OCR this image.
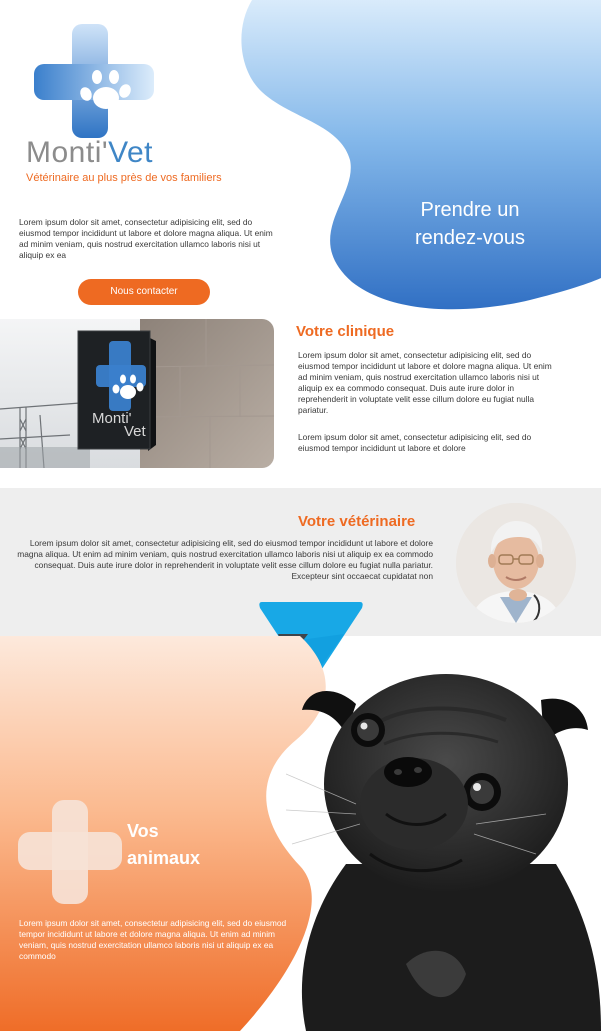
Monti'Vet
Vétérinaire au plus près de vos familiers
Lorem ipsum dolor sit amet, consectetur adipisicing elit, sed do eiusmod tempor incididunt ut labore et dolore magna aliqua. Ut enim ad minim veniam, quis nostrud exercitation ullamco laboris nisi ut aliquip ex ea
Nous contacter
Prendre un
rendez-vous
Monti'
Vet
Votre clinique
Lorem ipsum dolor sit amet, consectetur adipisicing elit, sed do eiusmod tempor incididunt ut labore et dolore magna aliqua. Ut enim ad minim veniam, quis nostrud exercitation ullamco laboris nisi ut aliquip ex ea commodo consequat. Duis aute irure dolor in reprehenderit in voluptate velit esse cillum dolore eu fugiat nulla pariatur.
Lorem ipsum dolor sit amet, consectetur adipisicing elit, sed do eiusmod tempor incididunt ut labore et dolore
Votre vétérinaire
Lorem ipsum dolor sit amet, consectetur adipisicing elit, sed do eiusmod tempor incididunt ut labore et dolore magna aliqua. Ut enim ad minim veniam, quis nostrud exercitation ullamco laboris nisi ut aliquip ex ea commodo consequat. Duis aute irure dolor in reprehenderit in voluptate velit esse cillum dolore eu fugiat nulla pariatur. Excepteur sint occaecat cupidatat non
Vos
animaux
Lorem ipsum dolor sit amet, consectetur adipisicing elit, sed do eiusmod tempor incididunt ut labore et dolore magna aliqua. Ut enim ad minim veniam, quis nostrud exercitation ullamco laboris nisi ut aliquip ex ea commodo
